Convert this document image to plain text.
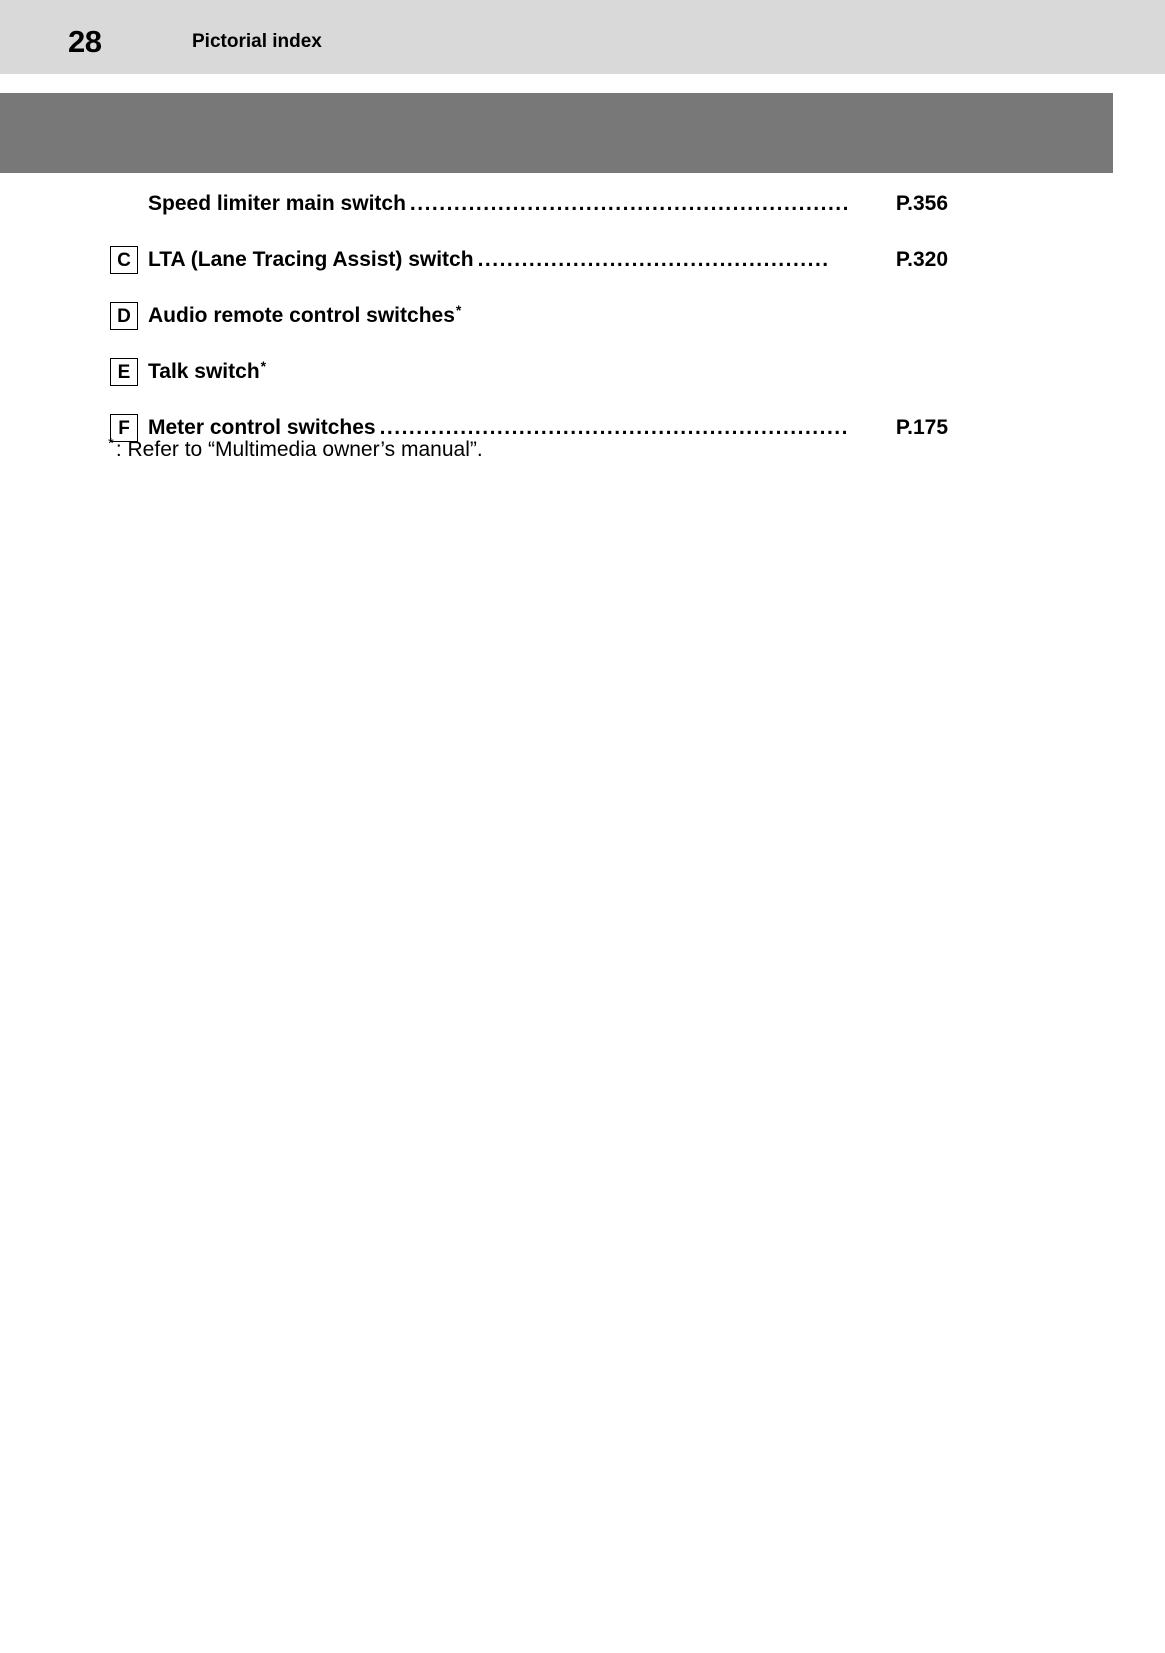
28	Pictorial index
Speed limiter main switch ............................................................	P.356
C LTA (Lane Tracing Assist) switch ................................................	P.320
D Audio remote control switches *
E Talk switch *
F Meter control switches ................................................................	P.175
* : Refer to “Multimedia owner’s manual”.
